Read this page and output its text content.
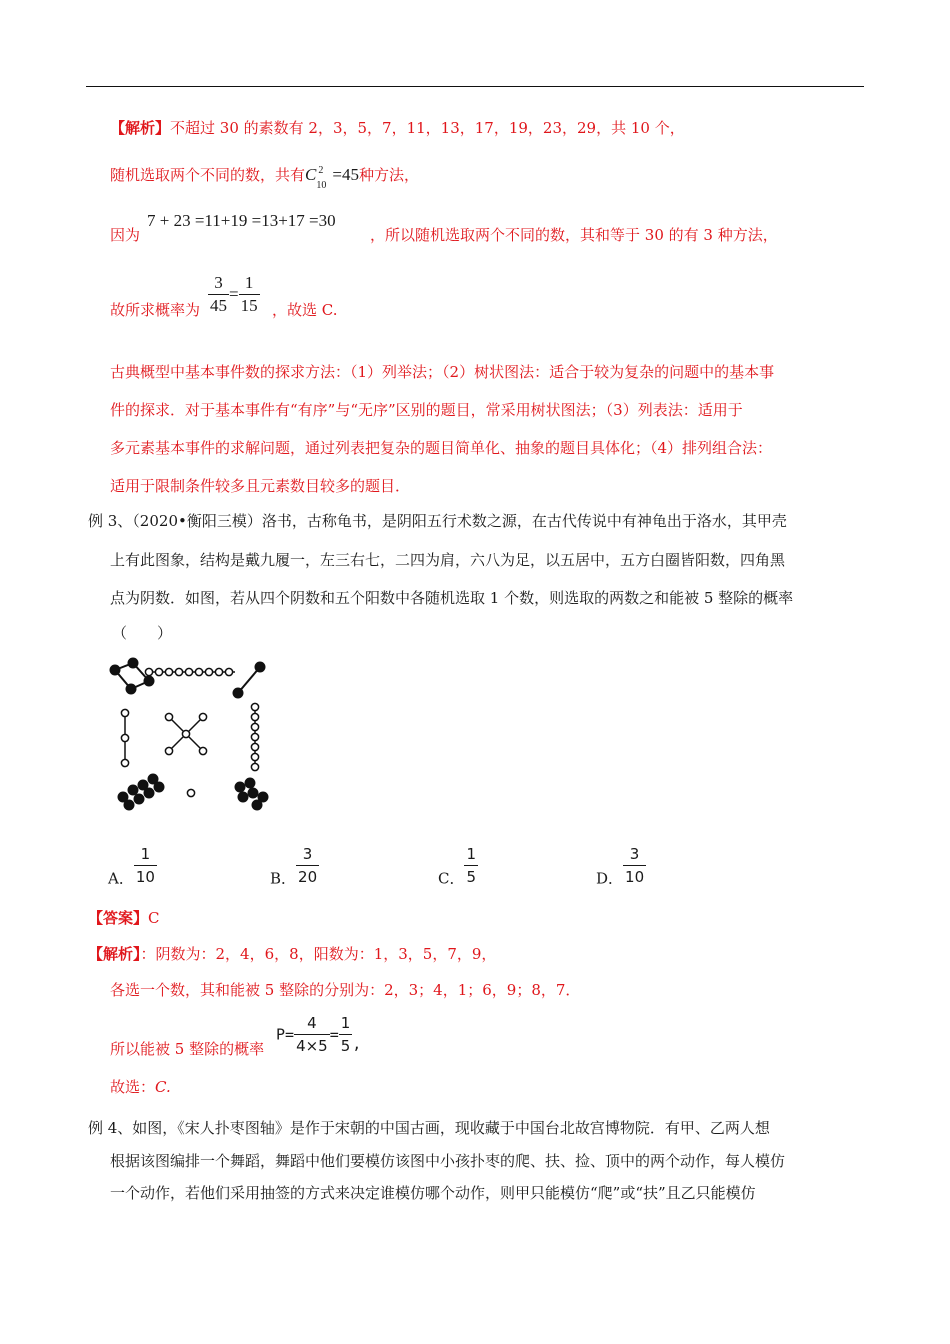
【解析】不超过 30 的素数有 2，3，5，7，11，13，17，19，23，29，共 10 个，
随机选取两个不同的数，共有C 2
10
=45种方法，
因为
7 + 23 =11+19 =13+17 =30
，所以随机选取两个不同的数，其和等于 30 的有 3 种方法，
故所求概率为 $\frac{3}{45} = \frac{1}{15}$ ，故选 C.
古典概型中基本事件数的探求方法：（1）列举法；（2）树状图法：适合于较为复杂的问题中的基本事
件的探求．对于基本事件有“有序”与“无序”区别的题目，常采用树状图法；（3）列表法：适用于
多元素基本事件的求解问题，通过列表把复杂的题目简单化、抽象的题目具体化；（4）排列组合法：
适用于限制条件较多且元素数目较多的题目．
例 3、（2020•衡阳三模）洛书，古称龟书，是阴阳五行术数之源，在古代传说中有神龟出于洛水，其甲壳
上有此图象，结构是戴九履一，左三右七，二四为肩，六八为足，以五居中，五方白圈皆阳数，四角黑
点为阴数．如图，若从四个阴数和五个阳数中各随机选取 1 个数，则选取的两数之和能被 5 整除的概率
（　　）
A． $\frac{1}{10}$	B． $\frac{3}{20}$	C． $\frac{1}{5}$	D． $\frac{3}{10}$
【答案】C
【解析】：阴数为：2，4，6，8，阳数为：1，3，5，7，9，
各选一个数，其和能被 5 整除的分别为：2，3；4，1；6，9；8，7．
所以能被 5 整除的概率
$P= \frac{4}{4\times 5} = \frac{1}{5}$ ,
故选：C.
例 4、如图，《宋人扑枣图轴》是作于宋朝的中国古画，现收藏于中国台北故宫博物院．有甲、乙两人想
根据该图编排一个舞蹈，舞蹈中他们要模仿该图中小孩扑枣的爬、扶、捡、顶中的两个动作，每人模仿
一个动作，若他们采用抽签的方式来决定谁模仿哪个动作，则甲只能模仿“爬”或“扶”且乙只能模仿
